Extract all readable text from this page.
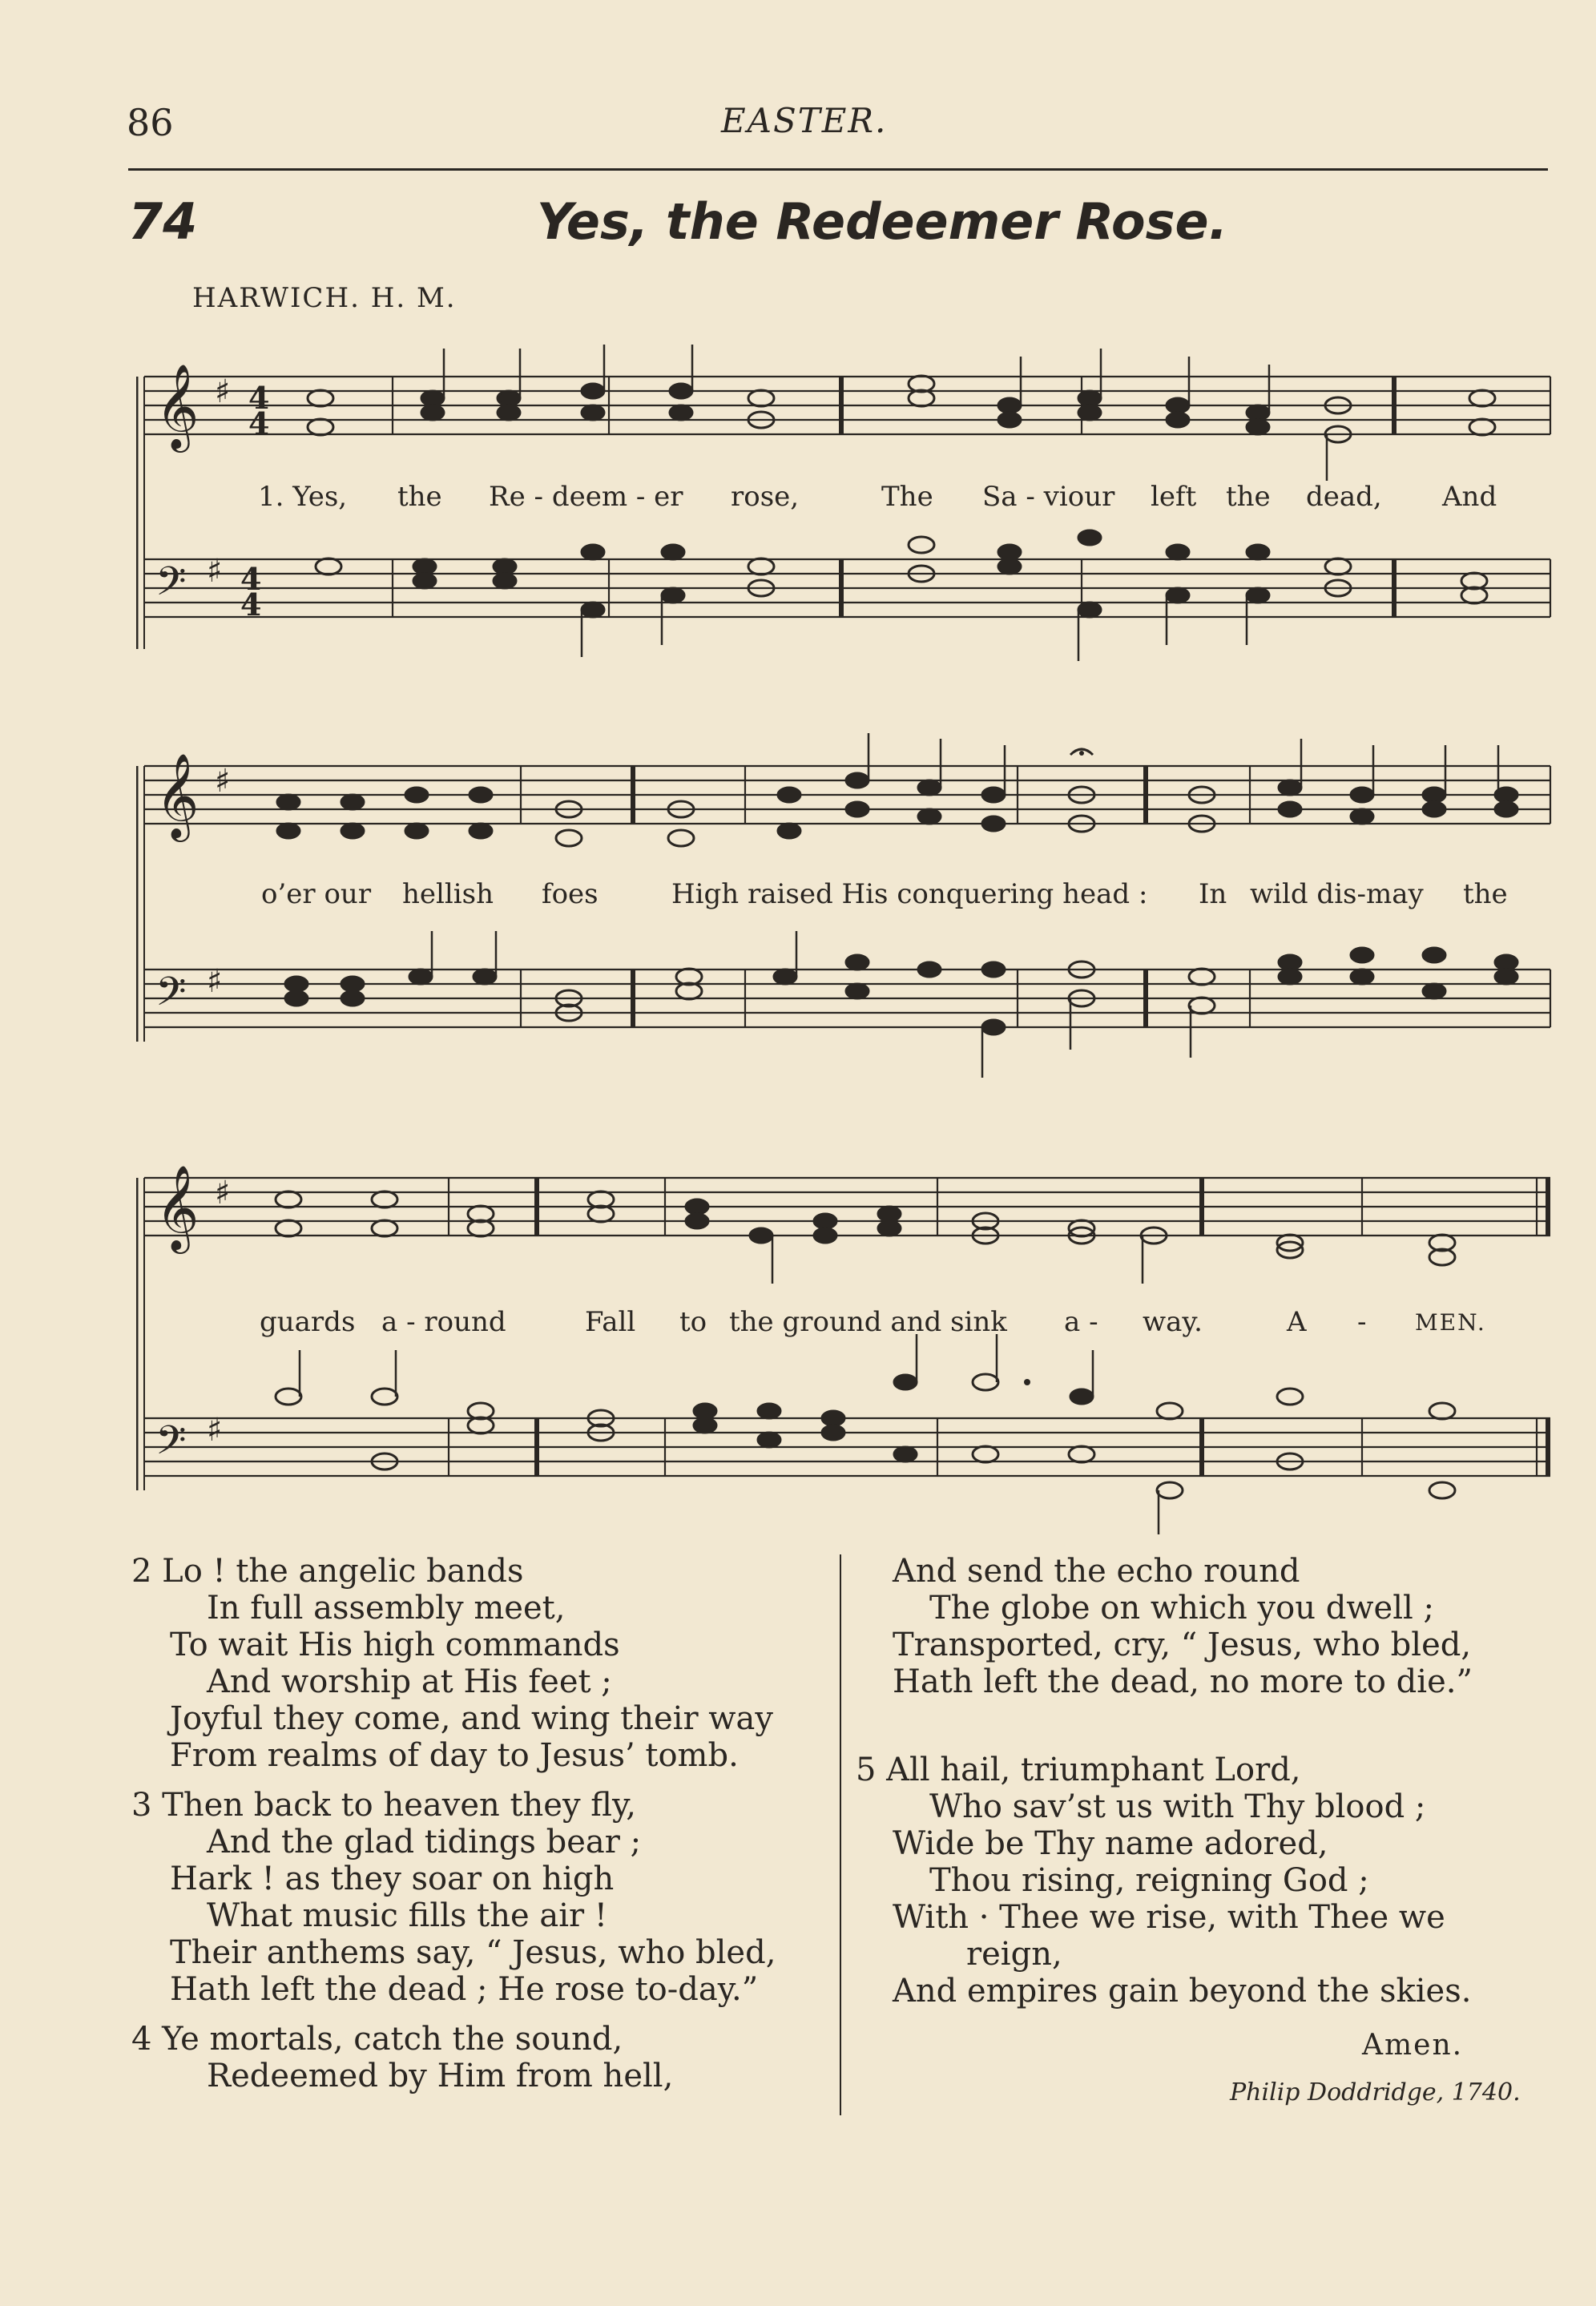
86	EASTER.
74	Yes, the Redeemer Rose.
HARWICH. H. M.
𝄞
𝄢
♯
♯
4
4
4
4
1. Yes, the Re - deem - er rose,	The Sa - viour left the dead, And
𝄞
𝄢
♯
♯
o’er our hellish foes	High raised His conquering head : In wild dis-may the
𝄞
𝄢
♯
♯
guards a - round	Fall to the ground and sink a - way.	A - MEN.
2 Lo ! the angelic bands
In full assembly meet,
To wait His high commands
And worship at His feet ;
Joyful they come, and wing their way
From realms of day to Jesus’ tomb.
3 Then back to heaven they fly,
And the glad tidings bear ;
Hark ! as they soar on high
What music fills the air !
Their anthems say, “ Jesus, who bled,
Hath left the dead ; He rose to-day.”
4 Ye mortals, catch the sound,
Redeemed by Him from hell,
And send the echo round
The globe on which you dwell ;
Transported, cry, “ Jesus, who bled,
Hath left the dead, no more to die.”
5 All hail, triumphant Lord,
Who sav’st us with Thy blood ;
Wide be Thy name adored,
Thou rising, reigning God ;
With · Thee we rise, with Thee we
reign,
And empires gain beyond the skies.
Amen.
Philip Doddridge, 1740.
